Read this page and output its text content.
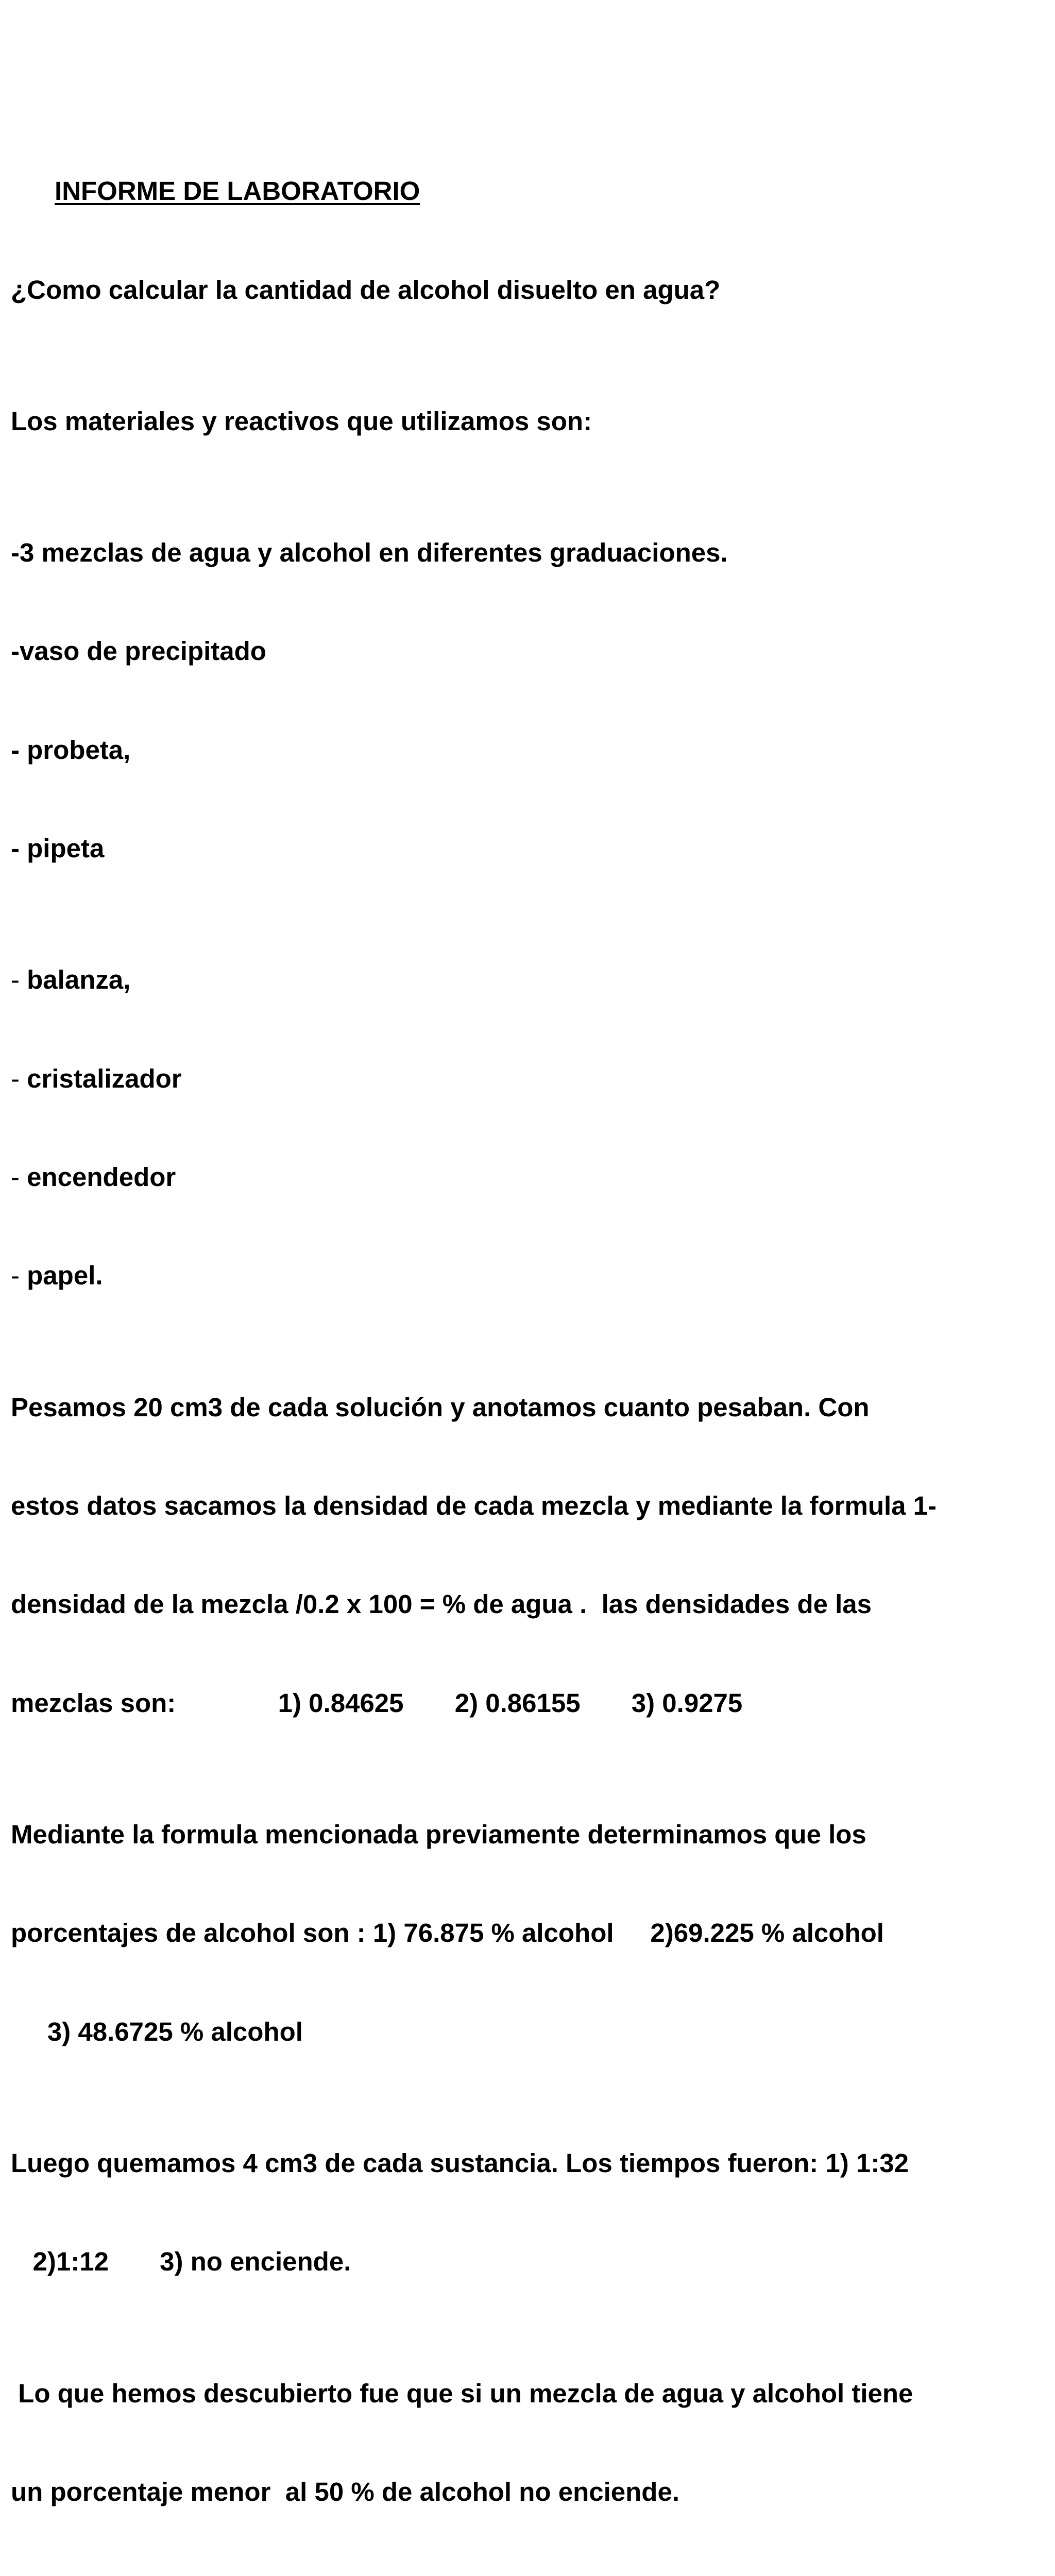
INFORME DE LABORATORIO

¿Como calcular la cantidad de alcohol disuelto en agua?

Los materiales y reactivos que utilizamos son:

-3 mezclas de agua y alcohol en diferentes graduaciones.

-vaso de precipitado

- probeta,

- pipeta

- balanza,

- cristalizador

- encendedor

- papel.

Pesamos 20 cm3 de cada solución y anotamos cuanto pesaban. Con

estos datos sacamos la densidad de cada mezcla y mediante la formula 1-

densidad de la mezcla /0.2 x 100 = % de agua .  las densidades de las

mezclas son:              1) 0.84625       2) 0.86155       3) 0.9275

Mediante la formula mencionada previamente determinamos que los

porcentajes de alcohol son : 1) 76.875 % alcohol     2)69.225 % alcohol

3) 48.6725 % alcohol

Luego quemamos 4 cm3 de cada sustancia. Los tiempos fueron: 1) 1:32

2)1:12       3) no enciende.

Lo que hemos descubierto fue que si un mezcla de agua y alcohol tiene

un porcentaje menor  al 50 % de alcohol no enciende.
